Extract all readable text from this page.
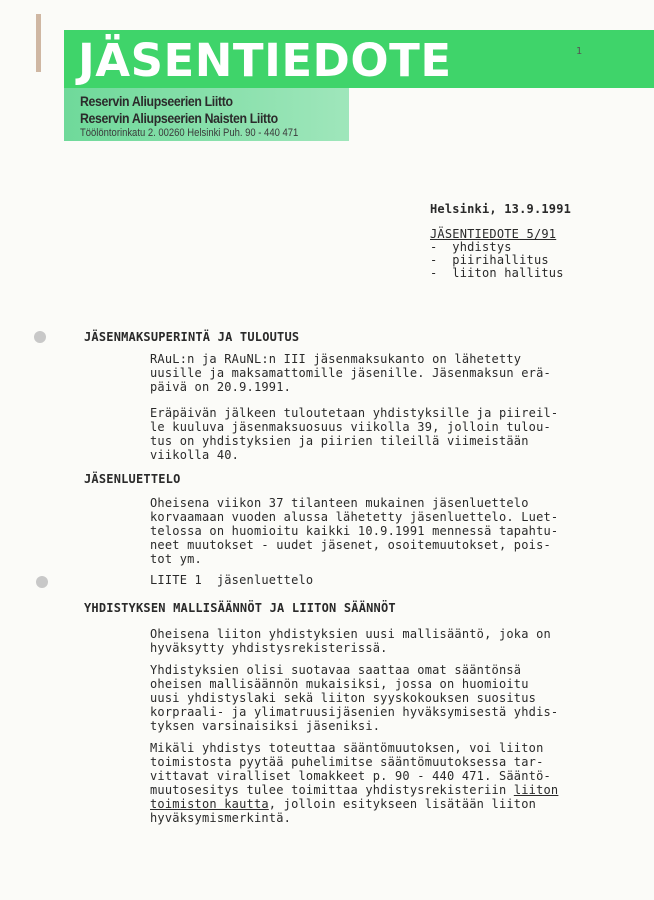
JÄSENTIEDOTE	1
Reservin Aliupseerien Liitto
Reservin Aliupseerien Naisten Liitto
Töölöntorinkatu 2. 00260 Helsinki Puh. 90 - 440 471
Helsinki, 13.9.1991
JÄSENTIEDOTE 5/91
-  yhdistys
-  piirihallitus
-  liiton hallitus
JÄSENMAKSUPERINTÄ JA TULOUTUS
RAuL:n ja RAuNL:n III jäsenmaksukanto on lähetetty
uusille ja maksamattomille jäsenille. Jäsenmaksun erä-
päivä on 20.9.1991.
Eräpäivän jälkeen tuloutetaan yhdistyksille ja piireil-
le kuuluva jäsenmaksuosuus viikolla 39, jolloin tulou-
tus on yhdistyksien ja piirien tileillä viimeistään
viikolla 40.
JÄSENLUETTELO
Oheisena viikon 37 tilanteen mukainen jäsenluettelo
korvaamaan vuoden alussa lähetetty jäsenluettelo. Luet-
telossa on huomioitu kaikki 10.9.1991 mennessä tapahtu-
neet muutokset - uudet jäsenet, osoitemuutokset, pois-
tot ym.
LIITE 1  jäsenluettelo
YHDISTYKSEN MALLISÄÄNNÖT JA LIITON SÄÄNNÖT
Oheisena liiton yhdistyksien uusi mallisääntö, joka on
hyväksytty yhdistysrekisterissä.
Yhdistyksien olisi suotavaa saattaa omat sääntönsä
oheisen mallisäännön mukaisiksi, jossa on huomioitu
uusi yhdistyslaki sekä liiton syyskokouksen suositus
korpraali- ja ylimatruusijäsenien hyväksymisestä yhdis-
tyksen varsinaisiksi jäseniksi.
Mikäli yhdistys toteuttaa sääntömuutoksen, voi liiton
toimistosta pyytää puhelimitse sääntömuutoksessa tar-
vittavat viralliset lomakkeet p. 90 - 440 471. Sääntö-
muutosesitys tulee toimittaa yhdistysrekisteriin liiton
toimiston kautta, jolloin esitykseen lisätään liiton
hyväksymismerkintä.
